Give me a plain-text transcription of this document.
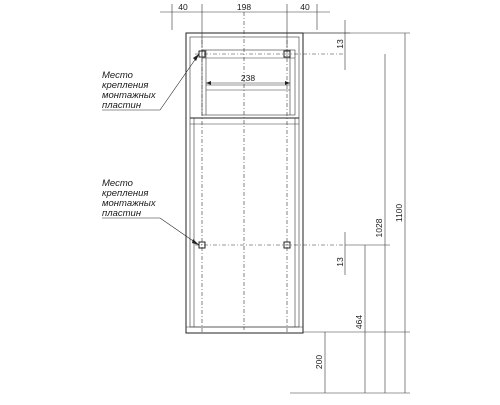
40	198	40
238
13
13
1100
1028
464
200
Место
крепления
монтажных
пластин
Место
крепления
монтажных
пластин
